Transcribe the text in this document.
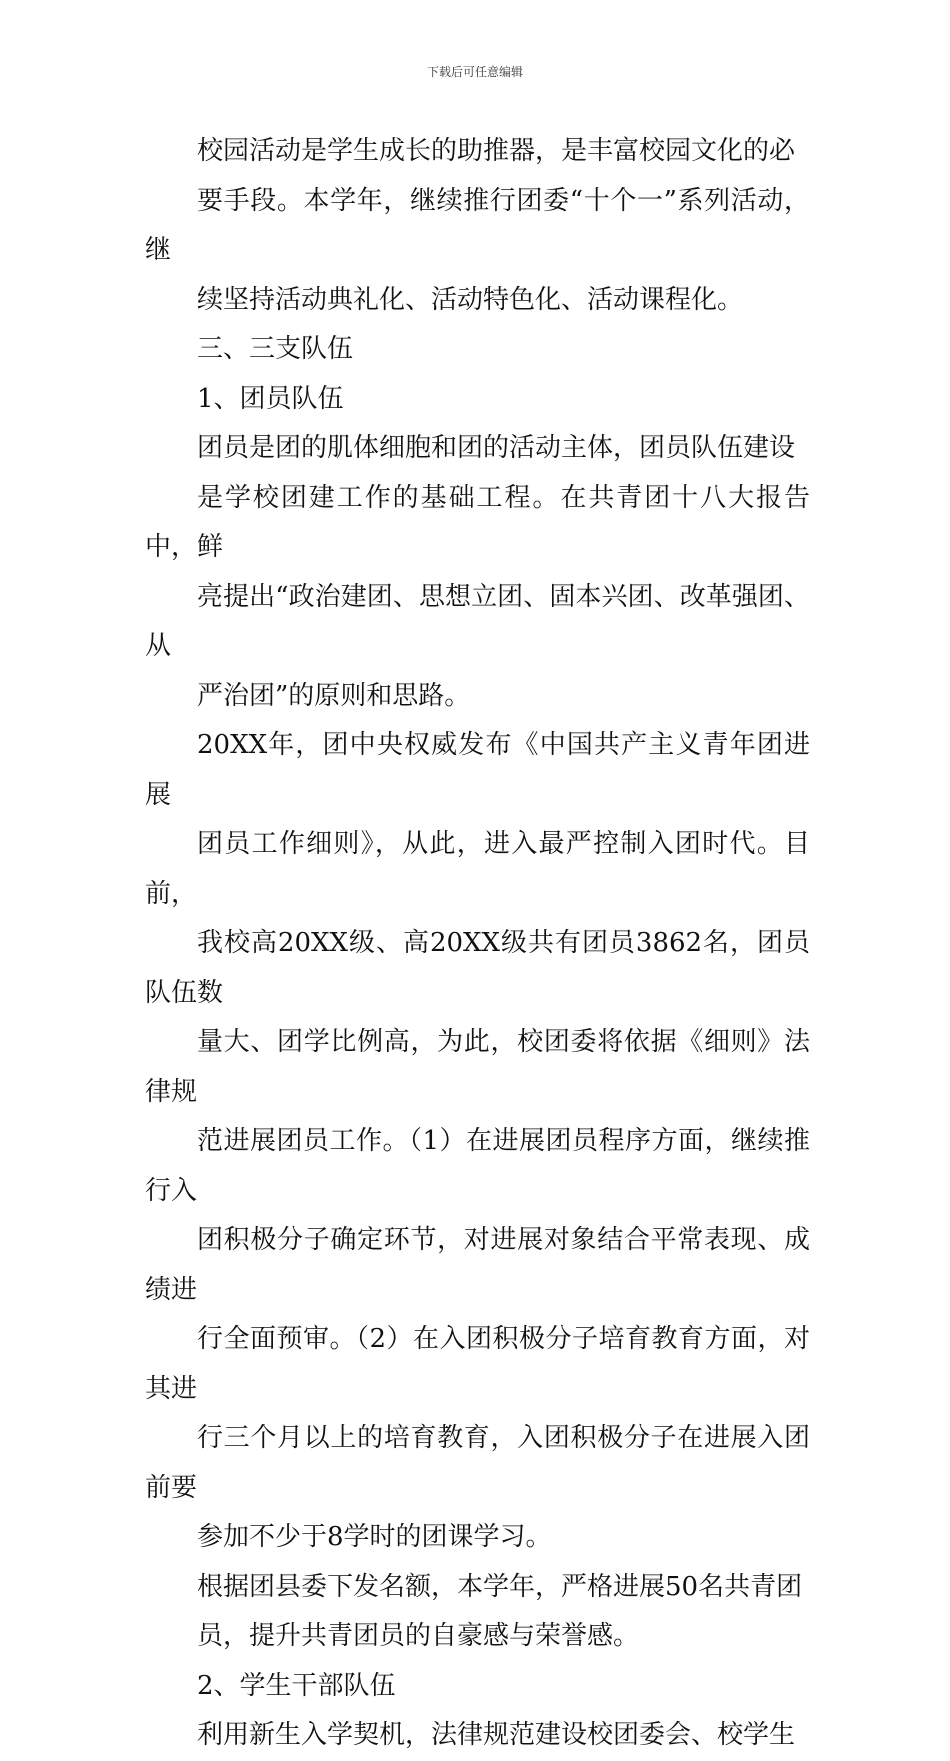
下载后可任意编辑

校园活动是学生成长的助推器，是丰富校园文化的必
要手段。本学年，继续推行团委“十个一”系列活动，继
续坚持活动典礼化、活动特色化、活动课程化。

三、三支队伍

1、团员队伍

团员是团的肌体细胞和团的活动主体，团员队伍建设
是学校团建工作的基础工程。在共青团十八大报告中，鲜
亮提出“政治建团、思想立团、固本兴团、改革强团、从
严治团”的原则和思路。

20XX年，团中央权威发布《中国共产主义青年团进展
团员工作细则》，从此，进入最严控制入团时代。目前，
我校高20XX级、高20XX级共有团员3862名，团员队伍数
量大、团学比例高，为此，校团委将依据《细则》法律规
范进展团员工作。（1）在进展团员程序方面，继续推行入
团积极分子确定环节，对进展对象结合平常表现、成绩进
行全面预审。（2）在入团积极分子培育教育方面，对其进
行三个月以上的培育教育，入团积极分子在进展入团前要
参加不少于8学时的团课学习。

根据团县委下发名额，本学年，严格进展50名共青团
员，提升共青团员的自豪感与荣誉感。

2、学生干部队伍

利用新生入学契机，法律规范建设校团委会、校学生
